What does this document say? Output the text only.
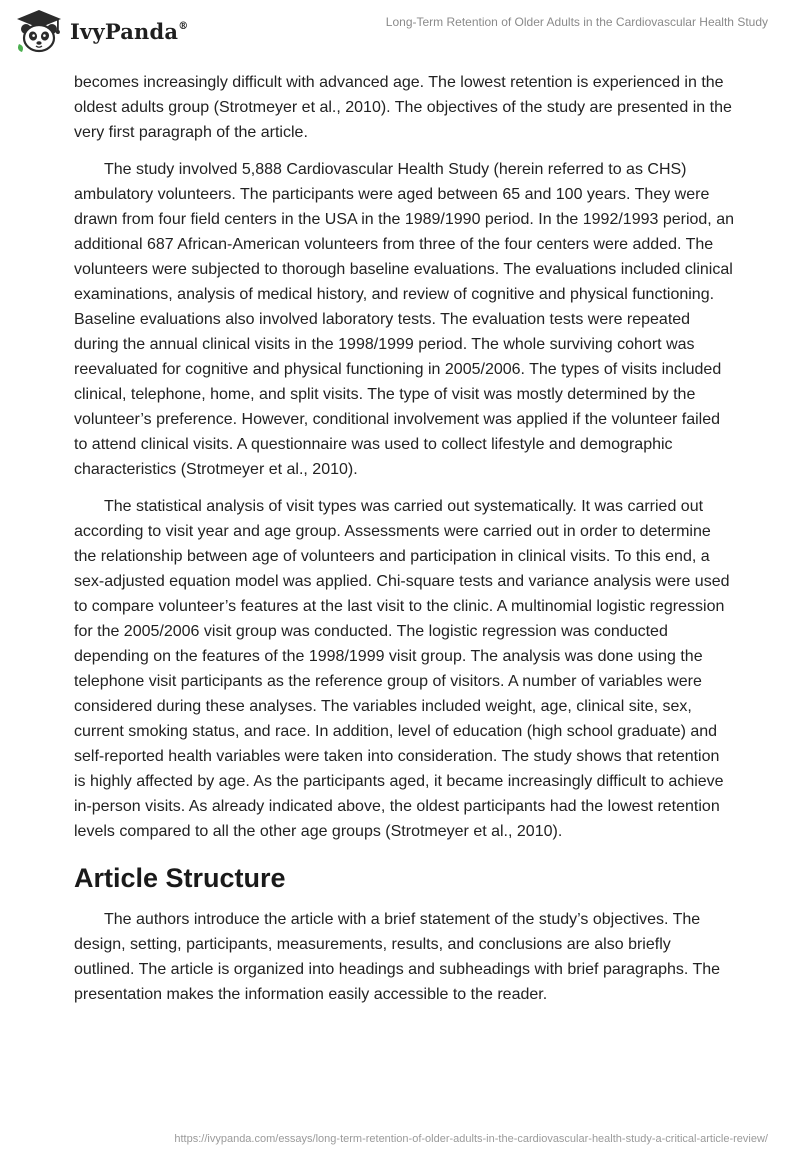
IvyPanda®	Long-Term Retention of Older Adults in the Cardiovascular Health Study

becomes increasingly difficult with advanced age. The lowest retention is experienced in the oldest adults group (Strotmeyer et al., 2010). The objectives of the study are presented in the very first paragraph of the article.

The study involved 5,888 Cardiovascular Health Study (herein referred to as CHS) ambulatory volunteers. The participants were aged between 65 and 100 years. They were drawn from four field centers in the USA in the 1989/1990 period. In the 1992/1993 period, an additional 687 African-American volunteers from three of the four centers were added. The volunteers were subjected to thorough baseline evaluations. The evaluations included clinical examinations, analysis of medical history, and review of cognitive and physical functioning. Baseline evaluations also involved laboratory tests. The evaluation tests were repeated during the annual clinical visits in the 1998/1999 period. The whole surviving cohort was reevaluated for cognitive and physical functioning in 2005/2006. The types of visits included clinical, telephone, home, and split visits. The type of visit was mostly determined by the volunteer’s preference. However, conditional involvement was applied if the volunteer failed to attend clinical visits. A questionnaire was used to collect lifestyle and demographic characteristics (Strotmeyer et al., 2010).

The statistical analysis of visit types was carried out systematically. It was carried out according to visit year and age group. Assessments were carried out in order to determine the relationship between age of volunteers and participation in clinical visits. To this end, a sex-adjusted equation model was applied. Chi-square tests and variance analysis were used to compare volunteer’s features at the last visit to the clinic. A multinomial logistic regression for the 2005/2006 visit group was conducted. The logistic regression was conducted depending on the features of the 1998/1999 visit group. The analysis was done using the telephone visit participants as the reference group of visitors. A number of variables were considered during these analyses. The variables included weight, age, clinical site, sex, current smoking status, and race. In addition, level of education (high school graduate) and self-reported health variables were taken into consideration. The study shows that retention is highly affected by age. As the participants aged, it became increasingly difficult to achieve in-person visits. As already indicated above, the oldest participants had the lowest retention levels compared to all the other age groups (Strotmeyer et al., 2010).

Article Structure

The authors introduce the article with a brief statement of the study’s objectives. The design, setting, participants, measurements, results, and conclusions are also briefly outlined. The article is organized into headings and subheadings with brief paragraphs. The presentation makes the information easily accessible to the reader.

https://ivypanda.com/essays/long-term-retention-of-older-adults-in-the-cardiovascular-health-study-a-critical-article-review/
